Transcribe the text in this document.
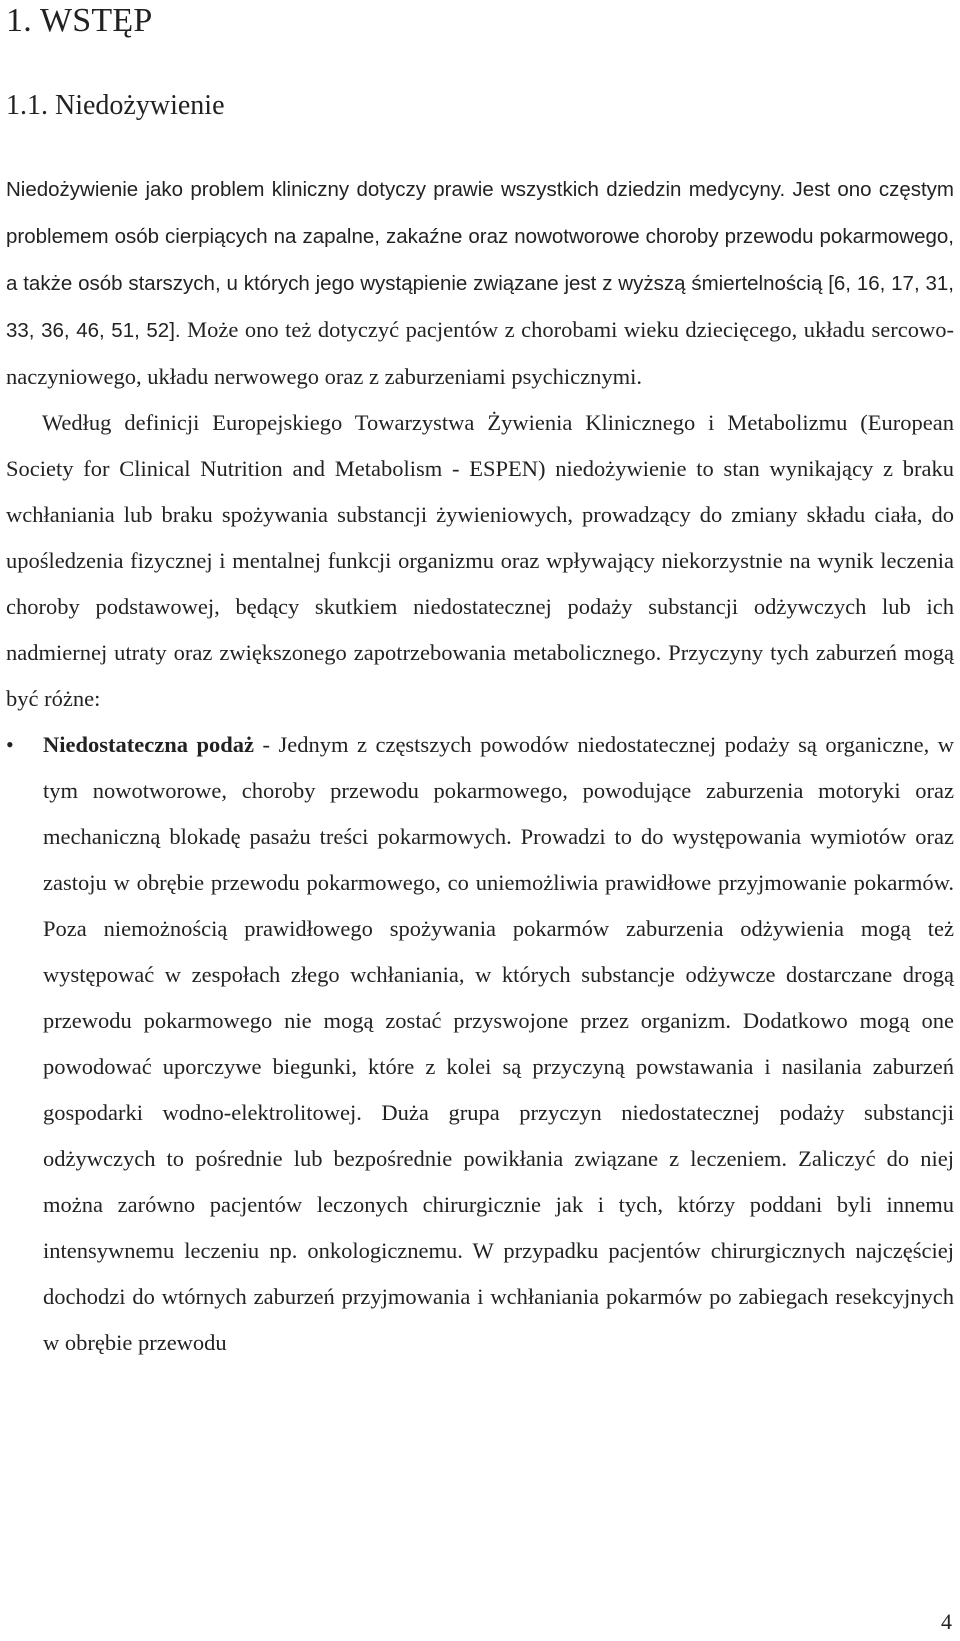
1. WSTĘP
1.1. Niedożywienie

Niedożywienie jako problem kliniczny dotyczy prawie wszystkich dziedzin medycyny. Jest ono częstym problemem osób cierpiących na zapalne, zakaźne oraz nowotworowe choroby przewodu pokarmowego, a także osób starszych, u których jego wystąpienie związane jest z wyższą śmiertelnością [6, 16, 17, 31, 33, 36, 46, 51, 52]. Może ono też dotyczyć pacjentów z chorobami wieku dziecięcego, układu sercowo-naczyniowego, układu nerwowego oraz z zaburzeniami psychicznymi.

Według definicji Europejskiego Towarzystwa Żywienia Klinicznego i Metabolizmu (European Society for Clinical Nutrition and Metabolism - ESPEN) niedożywienie to stan wynikający z braku wchłaniania lub braku spożywania substancji żywieniowych, prowadzący do zmiany składu ciała, do upośledzenia fizycznej i mentalnej funkcji organizmu oraz wpływający niekorzystnie na wynik leczenia choroby podstawowej, będący skutkiem niedostatecznej podaży substancji odżywczych lub ich nadmiernej utraty oraz zwiększonego zapotrzebowania metabolicznego. Przyczyny tych zaburzeń mogą być różne:

• Niedostateczna podaż - Jednym z częstszych powodów niedostatecznej podaży są organiczne, w tym nowotworowe, choroby przewodu pokarmowego, powodujące zaburzenia motoryki oraz mechaniczną blokadę pasażu treści pokarmowych. Prowadzi to do występowania wymiotów oraz zastoju w obrębie przewodu pokarmowego, co uniemożliwia prawidłowe przyjmowanie pokarmów. Poza niemożnością prawidłowego spożywania pokarmów zaburzenia odżywienia mogą też występować w zespołach złego wchłaniania, w których substancje odżywcze dostarczane drogą przewodu pokarmowego nie mogą zostać przyswojone przez organizm. Dodatkowo mogą one powodować uporczywe biegunki, które z kolei są przyczyną powstawania i nasilania zaburzeń gospodarki wodno-elektrolitowej. Duża grupa przyczyn niedostatecznej podaży substancji odżywczych to pośrednie lub bezpośrednie powikłania związane z leczeniem. Zaliczyć do niej można zarówno pacjentów leczonych chirurgicznie jak i tych, którzy poddani byli innemu intensywnemu leczeniu np. onkologicznemu. W przypadku pacjentów chirurgicznych najczęściej dochodzi do wtórnych zaburzeń przyjmowania i wchłaniania pokarmów po zabiegach resekcyjnych w obrębie przewodu
4
